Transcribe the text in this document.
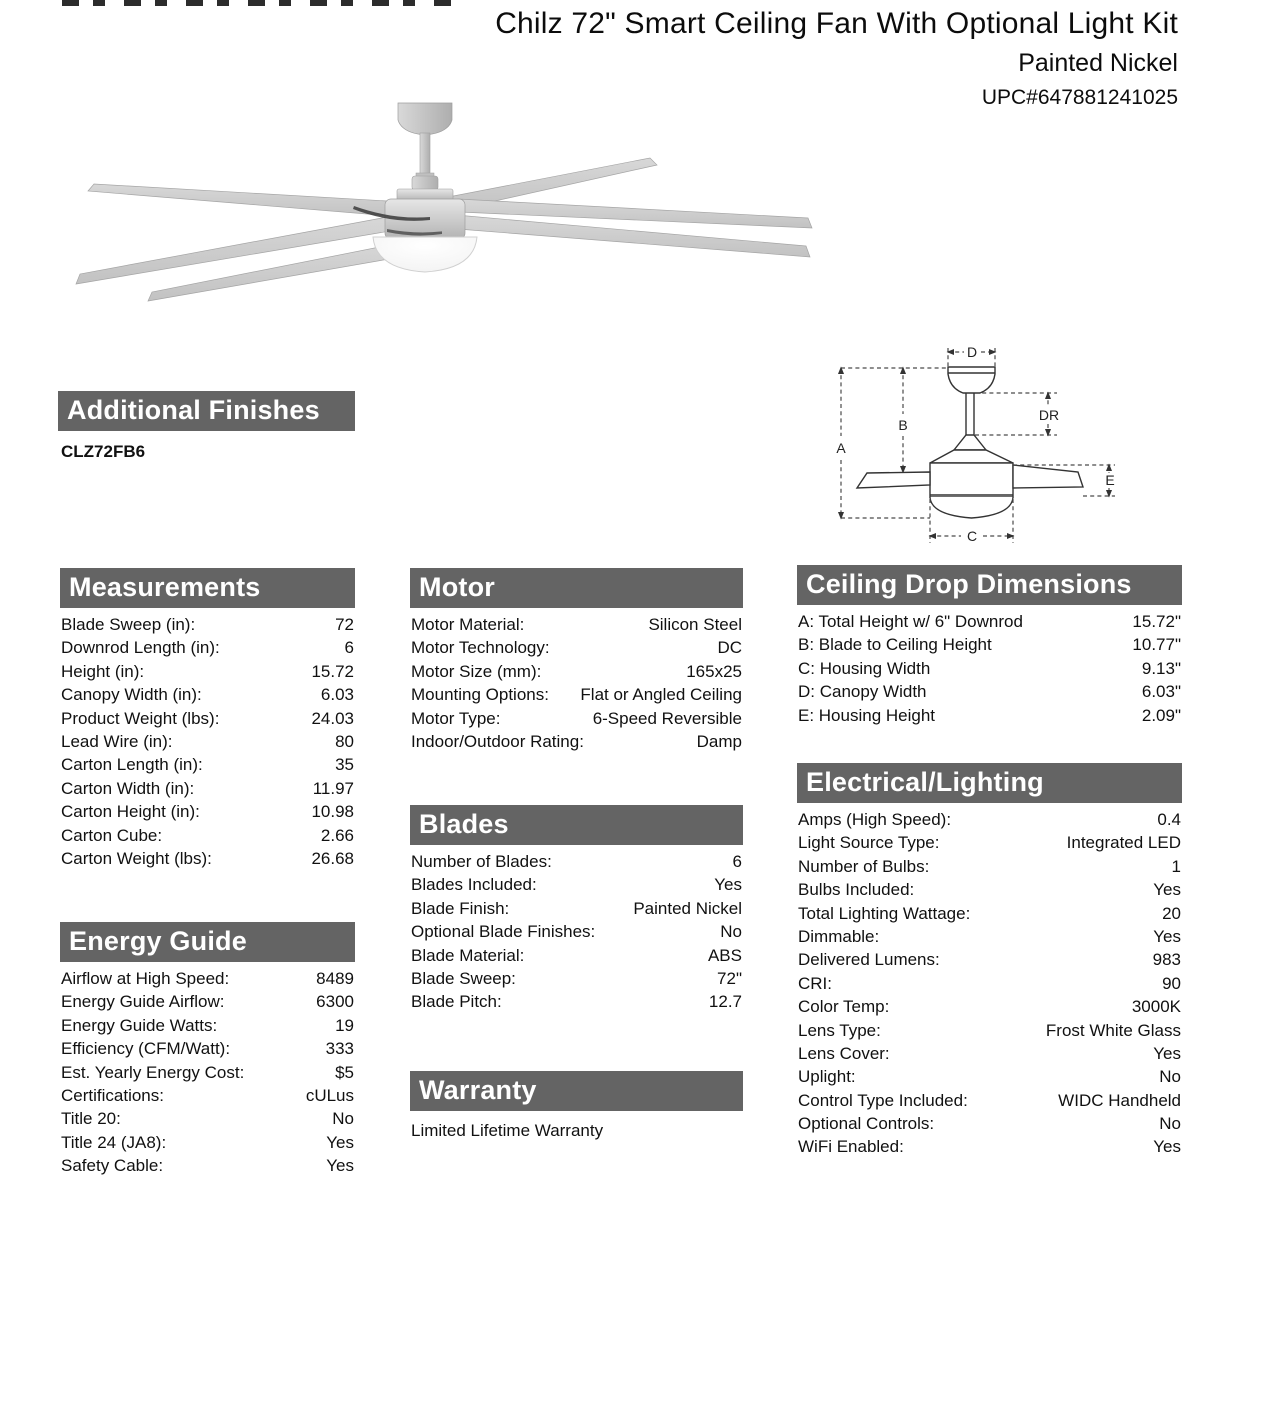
Chilz 72" Smart Ceiling Fan With Optional Light Kit
Painted Nickel
UPC#647881241025
A
B
D
DR
E
C
Additional Finishes
CLZ72FB6
Measurements
Blade Sweep (in):	72
Downrod Length (in):	6
Height (in):	15.72
Canopy Width (in):	6.03
Product Weight (lbs):	24.03
Lead Wire (in):	80
Carton Length (in):	35
Carton Width (in):	11.97
Carton Height (in):	10.98
Carton Cube:	2.66
Carton Weight (lbs):	26.68
Energy Guide
Airflow at High Speed:	8489
Energy Guide Airflow:	6300
Energy Guide Watts:	19
Efficiency (CFM/Watt):	333
Est. Yearly Energy Cost:	$5
Certifications:	cULus
Title 20:	No
Title 24 (JA8):	Yes
Safety Cable:	Yes
Motor
Motor Material:	Silicon Steel
Motor Technology:	DC
Motor Size (mm):	165x25
Mounting Options: Flat or Angled Ceiling
Motor Type:	6-Speed Reversible
Indoor/Outdoor Rating:	Damp
Blades
Number of Blades:	6
Blades Included:	Yes
Blade Finish:	Painted Nickel
Optional Blade Finishes:	No
Blade Material:	ABS
Blade Sweep:	72"
Blade Pitch:	12.7
Warranty
Limited Lifetime Warranty
Ceiling Drop Dimensions
A: Total Height w/ 6" Downrod	15.72"
B: Blade to Ceiling Height	10.77"
C: Housing Width	9.13"
D: Canopy Width	6.03"
E: Housing Height	2.09"
Electrical/Lighting
Amps (High Speed):	0.4
Light Source Type:	Integrated LED
Number of Bulbs:	1
Bulbs Included:	Yes
Total Lighting Wattage:	20
Dimmable:	Yes
Delivered Lumens:	983
CRI:	90
Color Temp:	3000K
Lens Type:	Frost White Glass
Lens Cover:	Yes
Uplight:	No
Control Type Included:	WIDC Handheld
Optional Controls:	No
WiFi Enabled:	Yes
